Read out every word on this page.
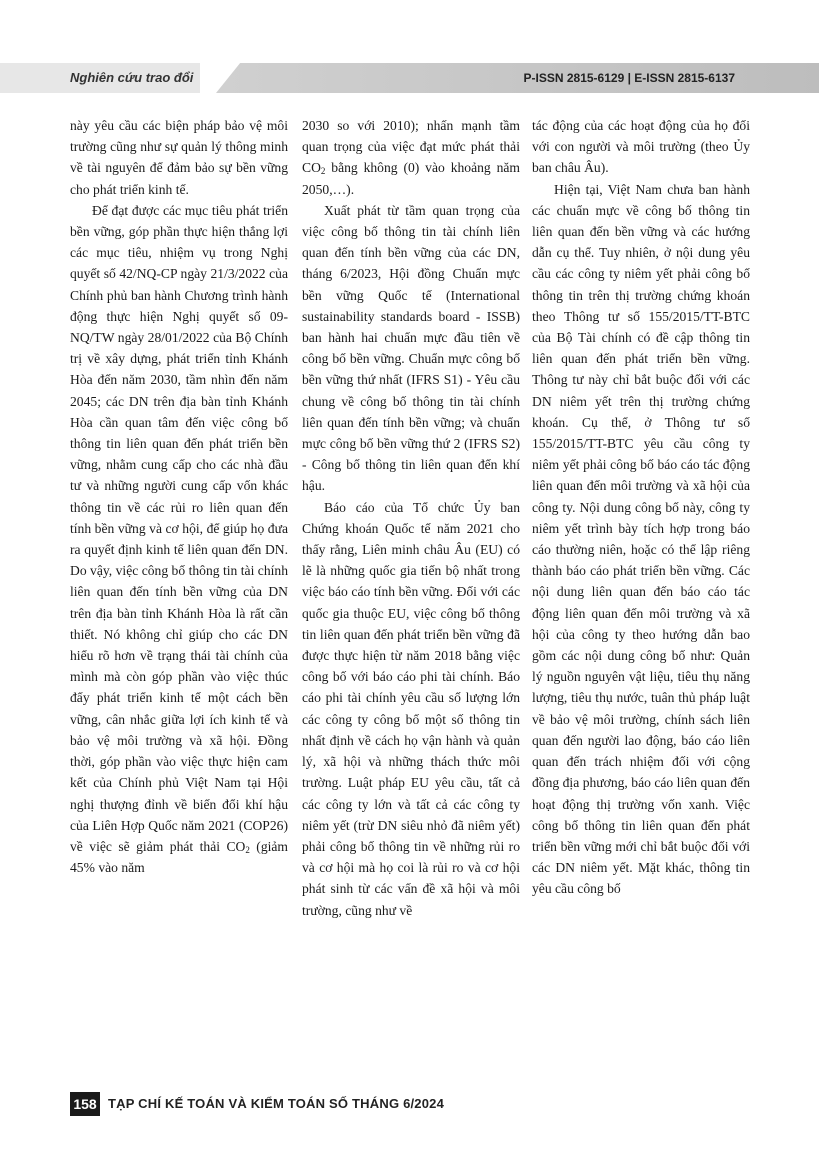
Nghiên cứu trao đổi	P-ISSN 2815-6129 | E-ISSN 2815-6137

này yêu cầu các biện pháp bảo vệ môi trường cũng như sự quản lý thông minh về tài nguyên để đảm bảo sự bền vững cho phát triển kinh tế.

Để đạt được các mục tiêu phát triển bền vững, góp phần thực hiện thắng lợi các mục tiêu, nhiệm vụ trong Nghị quyết số 42/NQ-CP ngày 21/3/2022 của Chính phủ ban hành Chương trình hành động thực hiện Nghị quyết số 09-NQ/TW ngày 28/01/2022 của Bộ Chính trị về xây dựng, phát triển tỉnh Khánh Hòa đến năm 2030, tầm nhìn đến năm 2045; các DN trên địa bàn tỉnh Khánh Hòa cần quan tâm đến việc công bố thông tin liên quan đến phát triển bền vững, nhằm cung cấp cho các nhà đầu tư và những người cung cấp vốn khác thông tin về các rủi ro liên quan đến tính bền vững và cơ hội, để giúp họ đưa ra quyết định kinh tế liên quan đến DN. Do vậy, việc công bố thông tin tài chính liên quan đến tính bền vững của DN trên địa bàn tỉnh Khánh Hòa là rất cần thiết. Nó không chỉ giúp cho các DN hiểu rõ hơn về trạng thái tài chính của mình mà còn góp phần vào việc thúc đẩy phát triển kinh tế một cách bền vững, cân nhắc giữa lợi ích kinh tế và bảo vệ môi trường và xã hội. Đồng thời, góp phần vào việc thực hiện cam kết của Chính phủ Việt Nam tại Hội nghị thượng đỉnh về biến đổi khí hậu của Liên Hợp Quốc năm 2021 (COP26) về việc sẽ giảm phát thải $CO_2$ (giảm 45% vào năm

2030 so với 2010); nhấn mạnh tầm quan trọng của việc đạt mức phát thải $CO_2$ bằng không (0) vào khoảng năm 2050,…).

Xuất phát từ tầm quan trọng của việc công bố thông tin tài chính liên quan đến tính bền vững của các DN, tháng 6/2023, Hội đồng Chuẩn mực bền vững Quốc tế (International sustainability standards board - ISSB) ban hành hai chuẩn mực đầu tiên về công bố bền vững. Chuẩn mực công bố bền vững thứ nhất (IFRS S1) - Yêu cầu chung về công bố thông tin tài chính liên quan đến tính bền vững; và chuẩn mực công bố bền vững thứ 2 (IFRS S2) - Công bố thông tin liên quan đến khí hậu.

Báo cáo của Tổ chức Ủy ban Chứng khoán Quốc tế năm 2021 cho thấy rằng, Liên minh châu Âu (EU) có lẽ là những quốc gia tiến bộ nhất trong việc báo cáo tính bền vững. Đối với các quốc gia thuộc EU, việc công bố thông tin liên quan đến phát triển bền vững đã được thực hiện từ năm 2018 bằng việc công bố với báo cáo phi tài chính. Báo cáo phi tài chính yêu cầu số lượng lớn các công ty công bố một số thông tin nhất định về cách họ vận hành và quản lý, xã hội và những thách thức môi trường. Luật pháp EU yêu cầu, tất cả các công ty lớn và tất cả các công ty niêm yết (trừ DN siêu nhỏ đã niêm yết) phải công bố thông tin về những rủi ro và cơ hội mà họ coi là rủi ro và cơ hội phát sinh từ các vấn đề xã hội và môi trường, cũng như về

tác động của các hoạt động của họ đối với con người và môi trường (theo Ủy ban châu Âu).

Hiện tại, Việt Nam chưa ban hành các chuẩn mực về công bố thông tin liên quan đến bền vững và các hướng dẫn cụ thể. Tuy nhiên, ở nội dung yêu cầu các công ty niêm yết phải công bố thông tin trên thị trường chứng khoán theo Thông tư số 155/2015/TT-BTC của Bộ Tài chính có đề cập thông tin liên quan đến phát triển bền vững. Thông tư này chỉ bắt buộc đối với các DN niêm yết trên thị trường chứng khoán. Cụ thể, ở Thông tư số 155/2015/TT-BTC yêu cầu công ty niêm yết phải công bố báo cáo tác động liên quan đến môi trường và xã hội của công ty. Nội dung công bố này, công ty niêm yết trình bày tích hợp trong báo cáo thường niên, hoặc có thể lập riêng thành báo cáo phát triển bền vững. Các nội dung liên quan đến báo cáo tác động liên quan đến môi trường và xã hội của công ty theo hướng dẫn bao gồm các nội dung công bố như: Quản lý nguồn nguyên vật liệu, tiêu thụ năng lượng, tiêu thụ nước, tuân thủ pháp luật về bảo vệ môi trường, chính sách liên quan đến người lao động, báo cáo liên quan đến trách nhiệm đối với cộng đồng địa phương, báo cáo liên quan đến hoạt động thị trường vốn xanh. Việc công bố thông tin liên quan đến phát triển bền vững mới chỉ bắt buộc đối với các DN niêm yết. Mặt khác, thông tin yêu cầu công bố

158 TẠP CHÍ KẾ TOÁN VÀ KIỂM TOÁN SỐ THÁNG 6/2024
